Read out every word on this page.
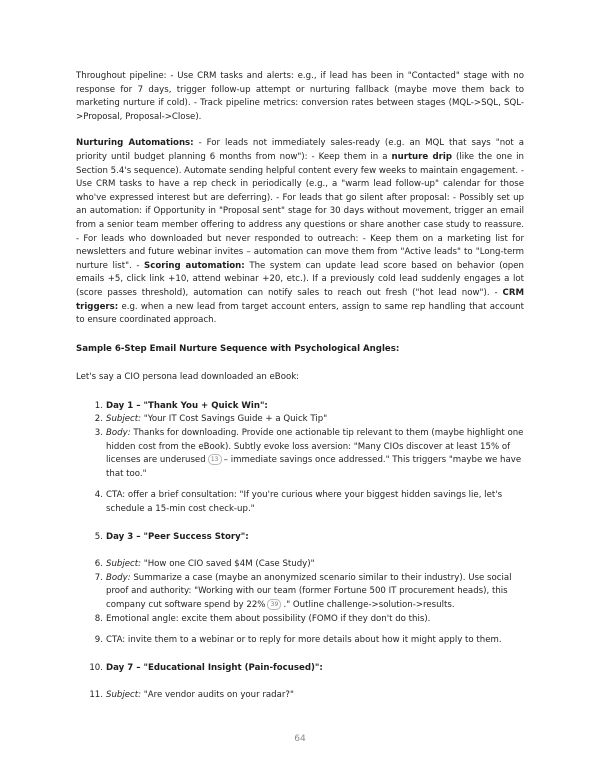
Throughout pipeline: - Use CRM tasks and alerts: e.g., if lead has been in "Contacted" stage with no response for 7 days, trigger follow-up attempt or nurturing fallback (maybe move them back to marketing nurture if cold). - Track pipeline metrics: conversion rates between stages (MQL->SQL, SQL->Proposal, Proposal->Close).

Nurturing Automations: - For leads not immediately sales-ready (e.g. an MQL that says "not a priority until budget planning 6 months from now"): - Keep them in a nurture drip (like the one in Section 5.4's sequence). Automate sending helpful content every few weeks to maintain engagement. - Use CRM tasks to have a rep check in periodically (e.g., a "warm lead follow-up" calendar for those who've expressed interest but are deferring). - For leads that go silent after proposal: - Possibly set up an automation: if Opportunity in "Proposal sent" stage for 30 days without movement, trigger an email from a senior team member offering to address any questions or share another case study to reassure. - For leads who downloaded but never responded to outreach: - Keep them on a marketing list for newsletters and future webinar invites – automation can move them from "Active leads" to "Long-term nurture list". - Scoring automation: The system can update lead score based on behavior (open emails +5, click link +10, attend webinar +20, etc.). If a previously cold lead suddenly engages a lot (score passes threshold), automation can notify sales to reach out fresh ("hot lead now"). - CRM triggers: e.g. when a new lead from target account enters, assign to same rep handling that account to ensure coordinated approach.

Sample 6-Step Email Nurture Sequence with Psychological Angles:

Let's say a CIO persona lead downloaded an eBook:

1. Day 1 – "Thank You + Quick Win":
2. Subject: "Your IT Cost Savings Guide + a Quick Tip"
3. Body: Thanks for downloading. Provide one actionable tip relevant to them (maybe highlight one hidden cost from the eBook). Subtly evoke loss aversion: "Many CIOs discover at least 15% of licenses are underused 13 – immediate savings once addressed." This triggers "maybe we have that too."
4. CTA: offer a brief consultation: "If you're curious where your biggest hidden savings lie, let's schedule a 15-min cost check-up."
5. Day 3 – "Peer Success Story":
6. Subject: "How one CIO saved $4M (Case Study)"
7. Body: Summarize a case (maybe an anonymized scenario similar to their industry). Use social proof and authority: "Working with our team (former Fortune 500 IT procurement heads), this company cut software spend by 22% 39 ." Outline challenge->solution->results.
8. Emotional angle: excite them about possibility (FOMO if they don't do this).
9. CTA: invite them to a webinar or to reply for more details about how it might apply to them.
10. Day 7 – "Educational Insight (Pain-focused)":
11. Subject: "Are vendor audits on your radar?"
64
